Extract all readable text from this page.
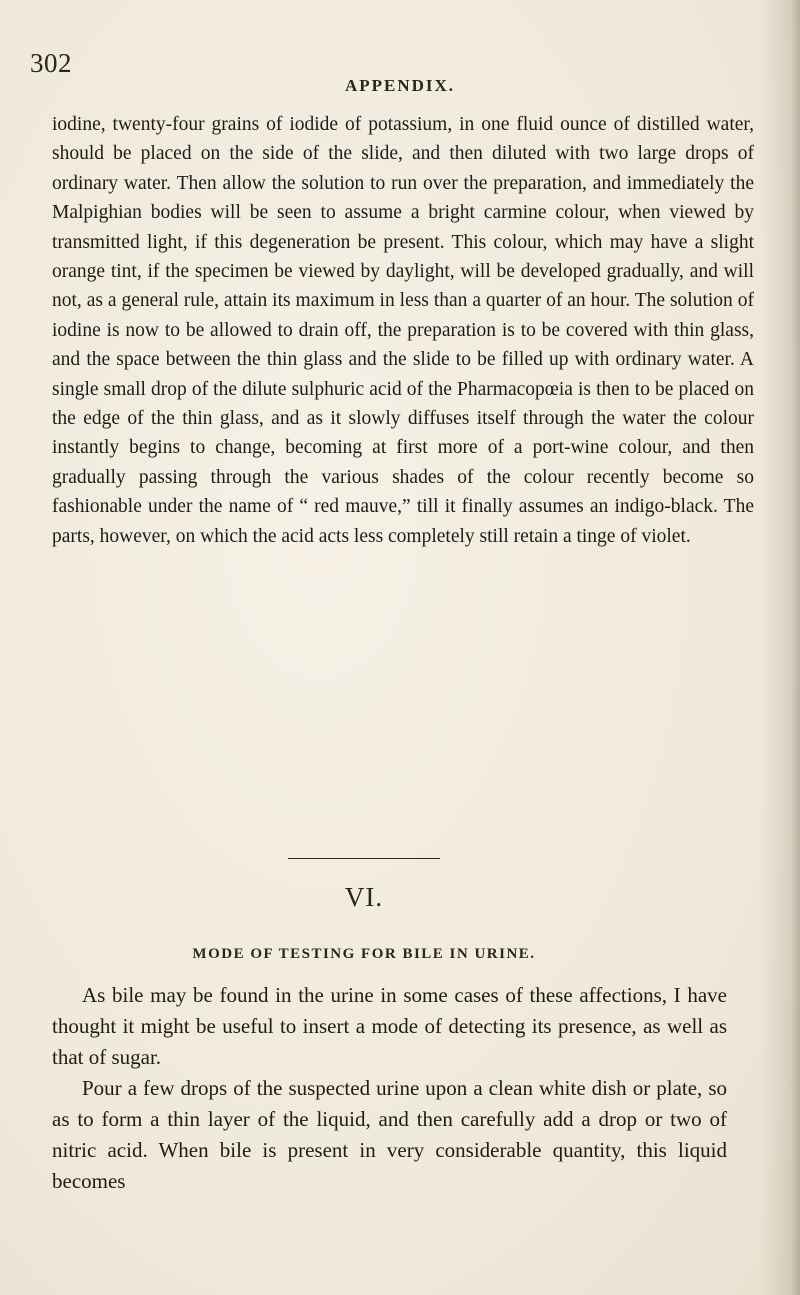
302
APPENDIX.

iodine, twenty-four grains of iodide of potassium, in one fluid ounce of distilled water, should be placed on the side of the slide, and then diluted with two large drops of ordinary water. Then allow the solution to run over the preparation, and immediately the Malpighian bodies will be seen to assume a bright carmine colour, when viewed by transmitted light, if this degeneration be present. This colour, which may have a slight orange tint, if the specimen be viewed by daylight, will be developed gradually, and will not, as a general rule, attain its maximum in less than a quarter of an hour. The solution of iodine is now to be allowed to drain off, the preparation is to be covered with thin glass, and the space between the thin glass and the slide to be filled up with ordinary water. A single small drop of the dilute sulphuric acid of the Pharmacopœia is then to be placed on the edge of the thin glass, and as it slowly diffuses itself through the water the colour instantly begins to change, becoming at first more of a port-wine colour, and then gradually passing through the various shades of the colour recently become so fashionable under the name of “ red mauve,” till it finally assumes an indigo-black. The parts, however, on which the acid acts less completely still retain a tinge of violet.

VI.
MODE OF TESTING FOR BILE IN URINE.

As bile may be found in the urine in some cases of these affections, I have thought it might be useful to insert a mode of detecting its presence, as well as that of sugar.

Pour a few drops of the suspected urine upon a clean white dish or plate, so as to form a thin layer of the liquid, and then carefully add a drop or two of nitric acid. When bile is present in very considerable quantity, this liquid becomes
